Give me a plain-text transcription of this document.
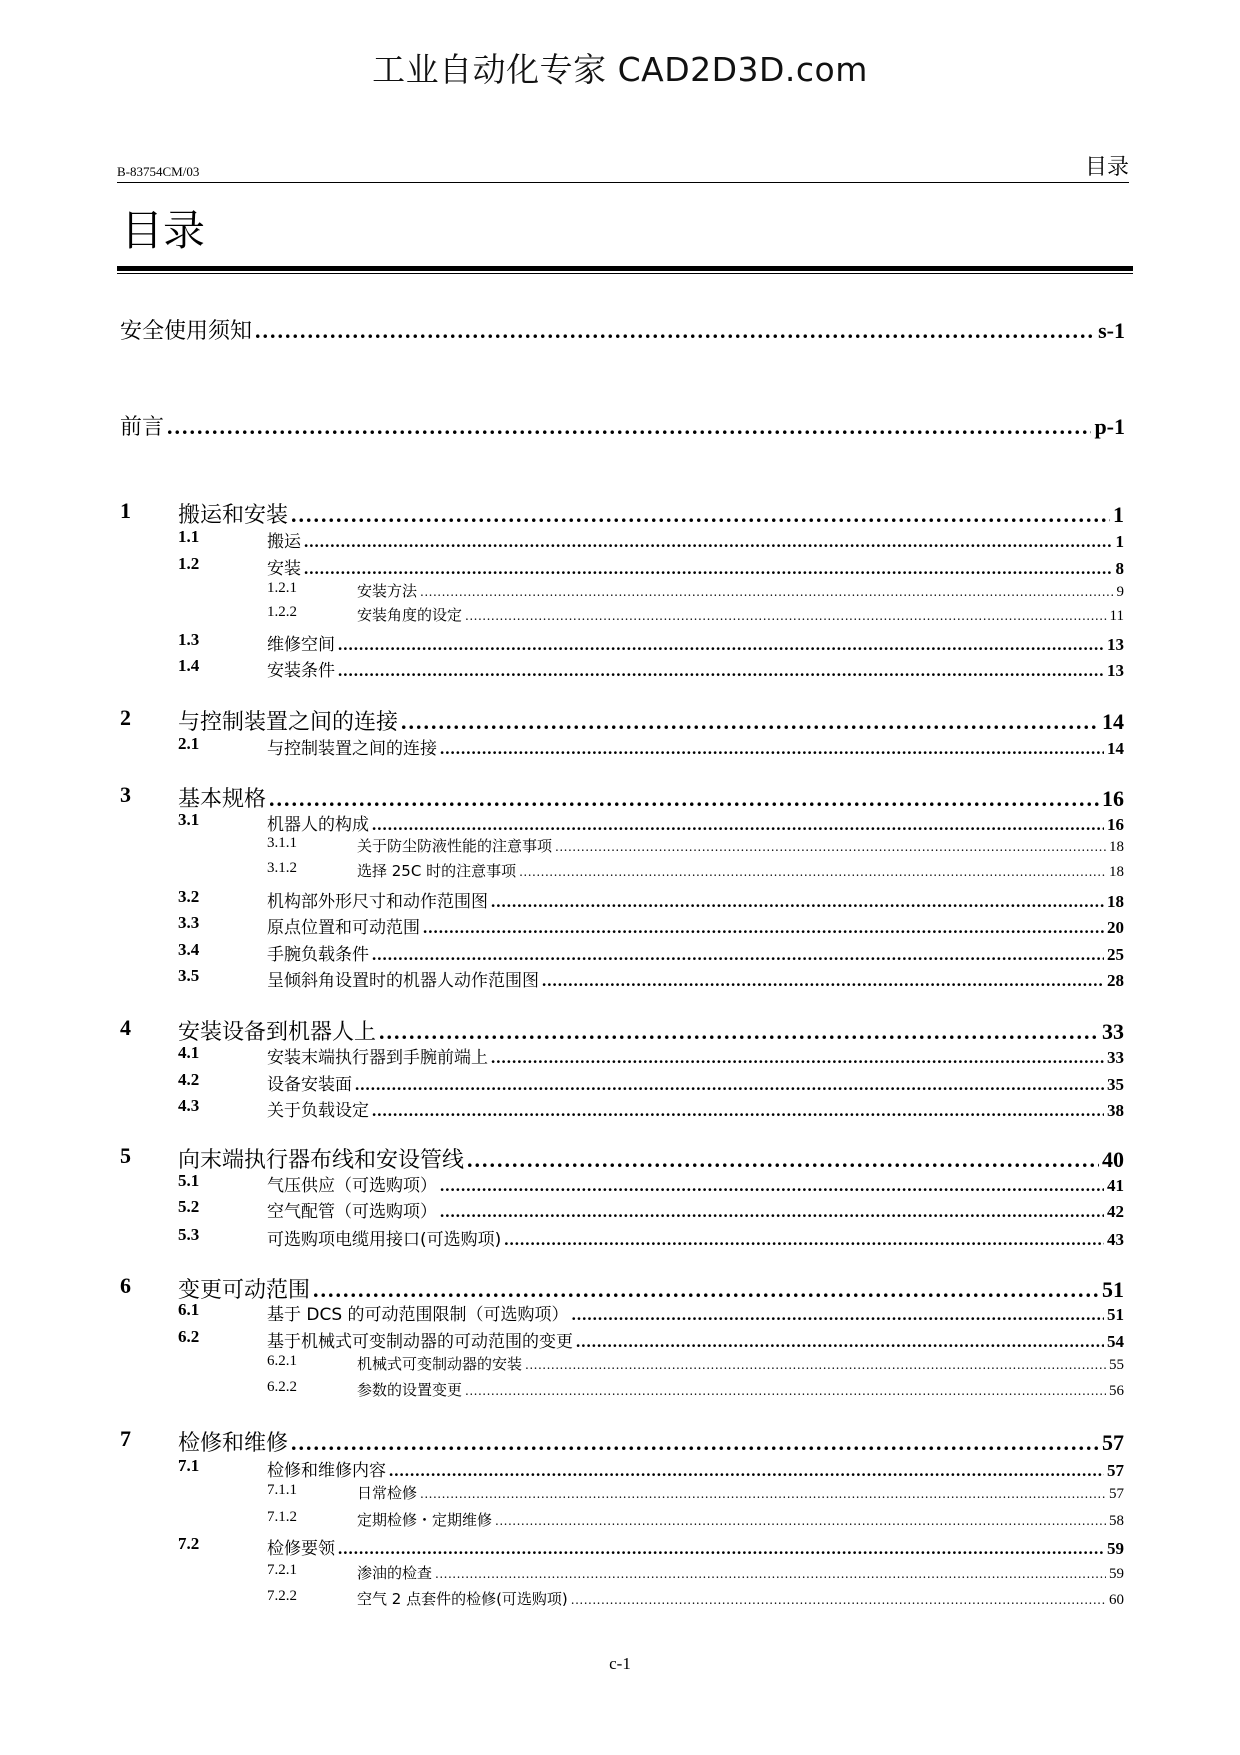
工业自动化专家 CAD2D3D.com
B-83754CM/03	目录
目录
安全使用须知 .....	s-1
前言 .....	p-1
1 搬运和安装 .....	1
1.1	搬运 .....	1
1.2	安装 .....	8
1.2.1	安装方法 .....	9
1.2.2	安装角度的设定 .....	11
1.3	维修空间 .....	13
1.4	安装条件 .....	13
2 与控制装置之间的连接 .....	14
2.1	与控制装置之间的连接 .....	14
3 基本规格 .....	16
3.1	机器人的构成 .....	16
3.1.1	关于防尘防液性能的注意事项 .....	18
3.1.2	选择 25C 时的注意事项 .....	18
3.2	机构部外形尺寸和动作范围图 .....	18
3.3	原点位置和可动范围 .....	20
3.4	手腕负载条件 .....	25
3.5	呈倾斜角设置时的机器人动作范围图 .....	28
4 安装设备到机器人上 .....	33
4.1	安装末端执行器到手腕前端上 .....	33
4.2	设备安装面 .....	35
4.3	关于负载设定 .....	38
5 向末端执行器布线和安设管线 .....	40
5.1	气压供应（可选购项） .....	41
5.2	空气配管（可选购项） .....	42
5.3	可选购项电缆用接口(可选购项) .....	43
6 变更可动范围 .....	51
6.1	基于 DCS 的可动范围限制（可选购项） .....	51
6.2	基于机械式可变制动器的可动范围的变更 .....	54
6.2.1	机械式可变制动器的安装 .....	55
6.2.2	参数的设置变更 .....	56
7 检修和维修 .....	57
7.1	检修和维修内容 .....	57
7.1.1	日常检修 .....	57
7.1.2	定期检修・定期维修 .....	58
7.2	检修要领 .....	59
7.2.1	渗油的检查 .....	59
7.2.2	空气 2 点套件的检修(可选购项) .....	60
c-1
